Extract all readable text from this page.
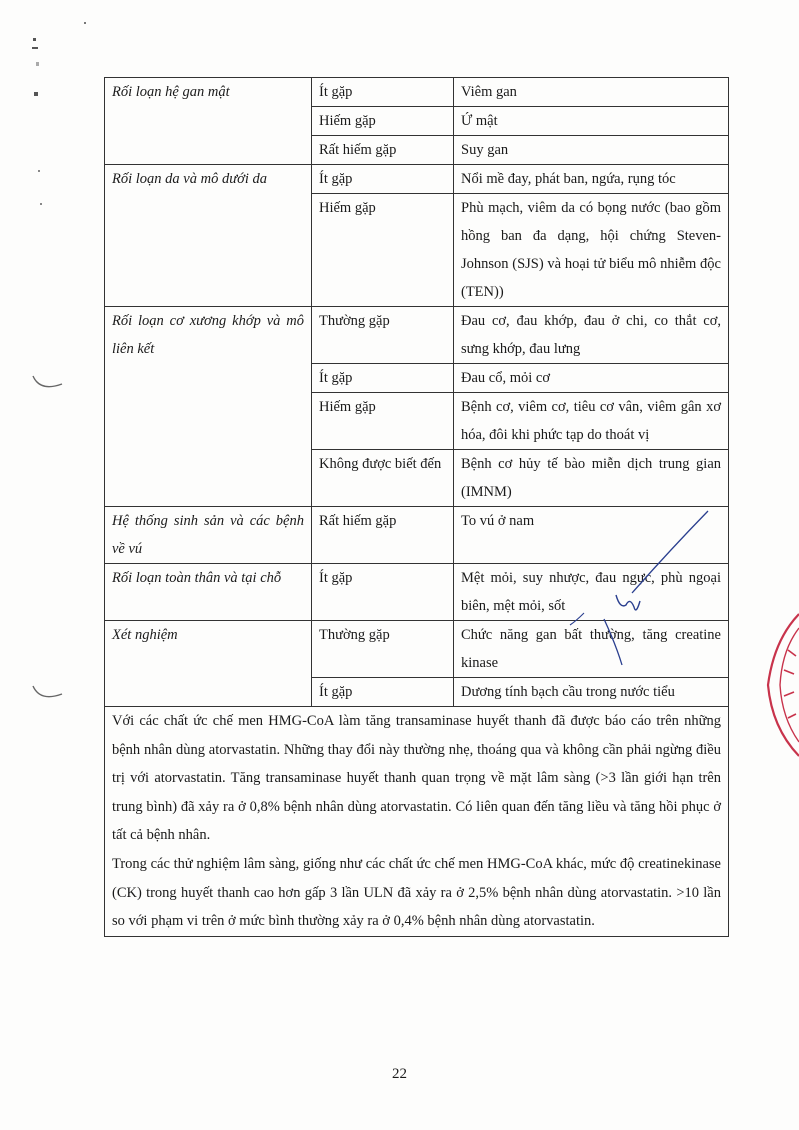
Rối loạn hệ gan mật	Ít gặp	Viêm gan
	Hiếm gặp	Ứ mật
	Rất hiếm gặp	Suy gan
Rối loạn da và mô dưới da	Ít gặp	Nổi mề đay, phát ban, ngứa, rụng tóc
	Hiếm gặp	Phù mạch, viêm da có bọng nước (bao gồm hồng ban đa dạng, hội chứng Steven-Johnson (SJS) và hoại tử biểu mô nhiễm độc (TEN))
Rối loạn cơ xương khớp và mô liên kết	Thường gặp	Đau cơ, đau khớp, đau ở chi, co thắt cơ, sưng khớp, đau lưng
	Ít gặp	Đau cổ, mỏi cơ
	Hiếm gặp	Bệnh cơ, viêm cơ, tiêu cơ vân, viêm gân xơ hóa, đôi khi phức tạp do thoát vị
	Không được biết đến	Bệnh cơ hủy tế bào miễn dịch trung gian (IMNM)
Hệ thống sinh sản và các bệnh về vú	Rất hiếm gặp	To vú ở nam
Rối loạn toàn thân và tại chỗ	Ít gặp	Mệt mỏi, suy nhược, đau ngực, phù ngoại biên, mệt mỏi, sốt
Xét nghiệm	Thường gặp	Chức năng gan bất thường, tăng creatine kinase
	Ít gặp	Dương tính bạch cầu trong nước tiểu

Với các chất ức chế men HMG-CoA làm tăng transaminase huyết thanh đã được báo cáo trên những bệnh nhân dùng atorvastatin. Những thay đổi này thường nhẹ, thoáng qua và không cần phải ngừng điều trị với atorvastatin. Tăng transaminase huyết thanh quan trọng về mặt lâm sàng (>3 lần giới hạn trên trung bình) đã xảy ra ở 0,8% bệnh nhân dùng atorvastatin. Có liên quan đến tăng liều và tăng hồi phục ở tất cả bệnh nhân.

Trong các thử nghiệm lâm sàng, giống như các chất ức chế men HMG-CoA khác, mức độ creatinekinase (CK) trong huyết thanh cao hơn gấp 3 lần ULN đã xảy ra ở 2,5% bệnh nhân dùng atorvastatin. >10 lần so với phạm vi trên ở mức bình thường xảy ra ở 0,4% bệnh nhân dùng atorvastatin.		

22
